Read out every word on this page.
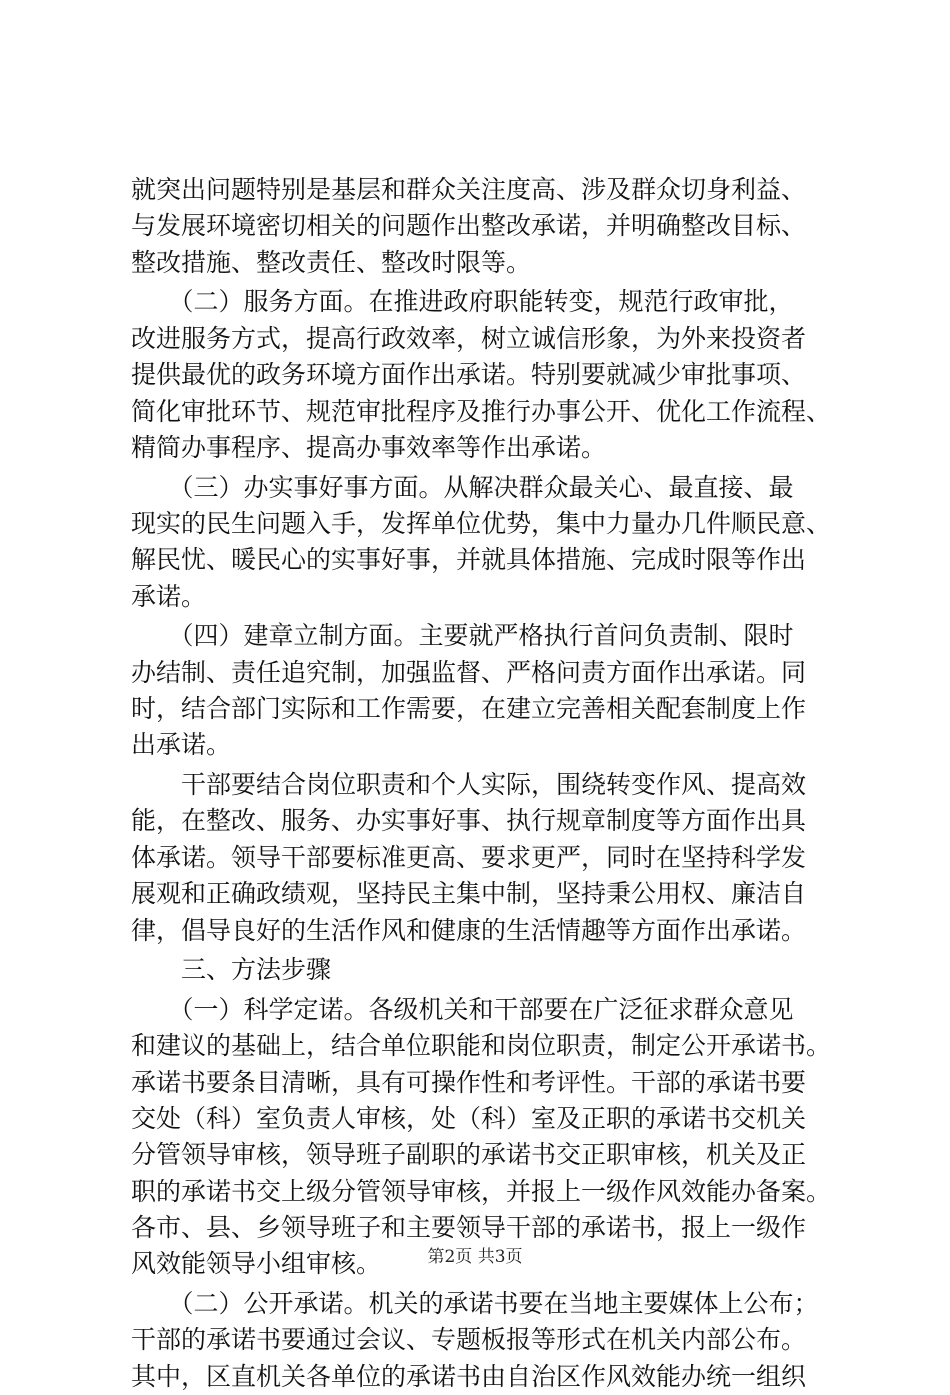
就突出问题特别是基层和群众关注度高、涉及群众切身利益、
与发展环境密切相关的问题作出整改承诺，并明确整改目标、
整改措施、整改责任、整改时限等。
　　（二）服务方面。在推进政府职能转变，规范行政审批，
改进服务方式，提高行政效率，树立诚信形象，为外来投资者
提供最优的政务环境方面作出承诺。特别要就减少审批事项、
简化审批环节、规范审批程序及推行办事公开、优化工作流程、
精简办事程序、提高办事效率等作出承诺。
　　（三）办实事好事方面。从解决群众最关心、最直接、最
现实的民生问题入手，发挥单位优势，集中力量办几件顺民意、
解民忧、暖民心的实事好事，并就具体措施、完成时限等作出
承诺。
　　（四）建章立制方面。主要就严格执行首问负责制、限时
办结制、责任追究制，加强监督、严格问责方面作出承诺。同
时，结合部门实际和工作需要，在建立完善相关配套制度上作
出承诺。
　　干部要结合岗位职责和个人实际，围绕转变作风、提高效
能，在整改、服务、办实事好事、执行规章制度等方面作出具
体承诺。领导干部要标准更高、要求更严，同时在坚持科学发
展观和正确政绩观，坚持民主集中制，坚持秉公用权、廉洁自
律，倡导良好的生活作风和健康的生活情趣等方面作出承诺。
　　三、方法步骤
　　（一）科学定诺。各级机关和干部要在广泛征求群众意见
和建议的基础上，结合单位职能和岗位职责，制定公开承诺书。
承诺书要条目清晰，具有可操作性和考评性。干部的承诺书要
交处（科）室负责人审核，处（科）室及正职的承诺书交机关
分管领导审核，领导班子副职的承诺书交正职审核，机关及正
职的承诺书交上级分管领导审核，并报上一级作风效能办备案。
各市、县、乡领导班子和主要领导干部的承诺书，报上一级作
风效能领导小组审核。
　　（二）公开承诺。机关的承诺书要在当地主要媒体上公布；
干部的承诺书要通过会议、专题板报等形式在机关内部公布。
其中，区直机关各单位的承诺书由自治区作风效能办统一组织
第2页 共3页
